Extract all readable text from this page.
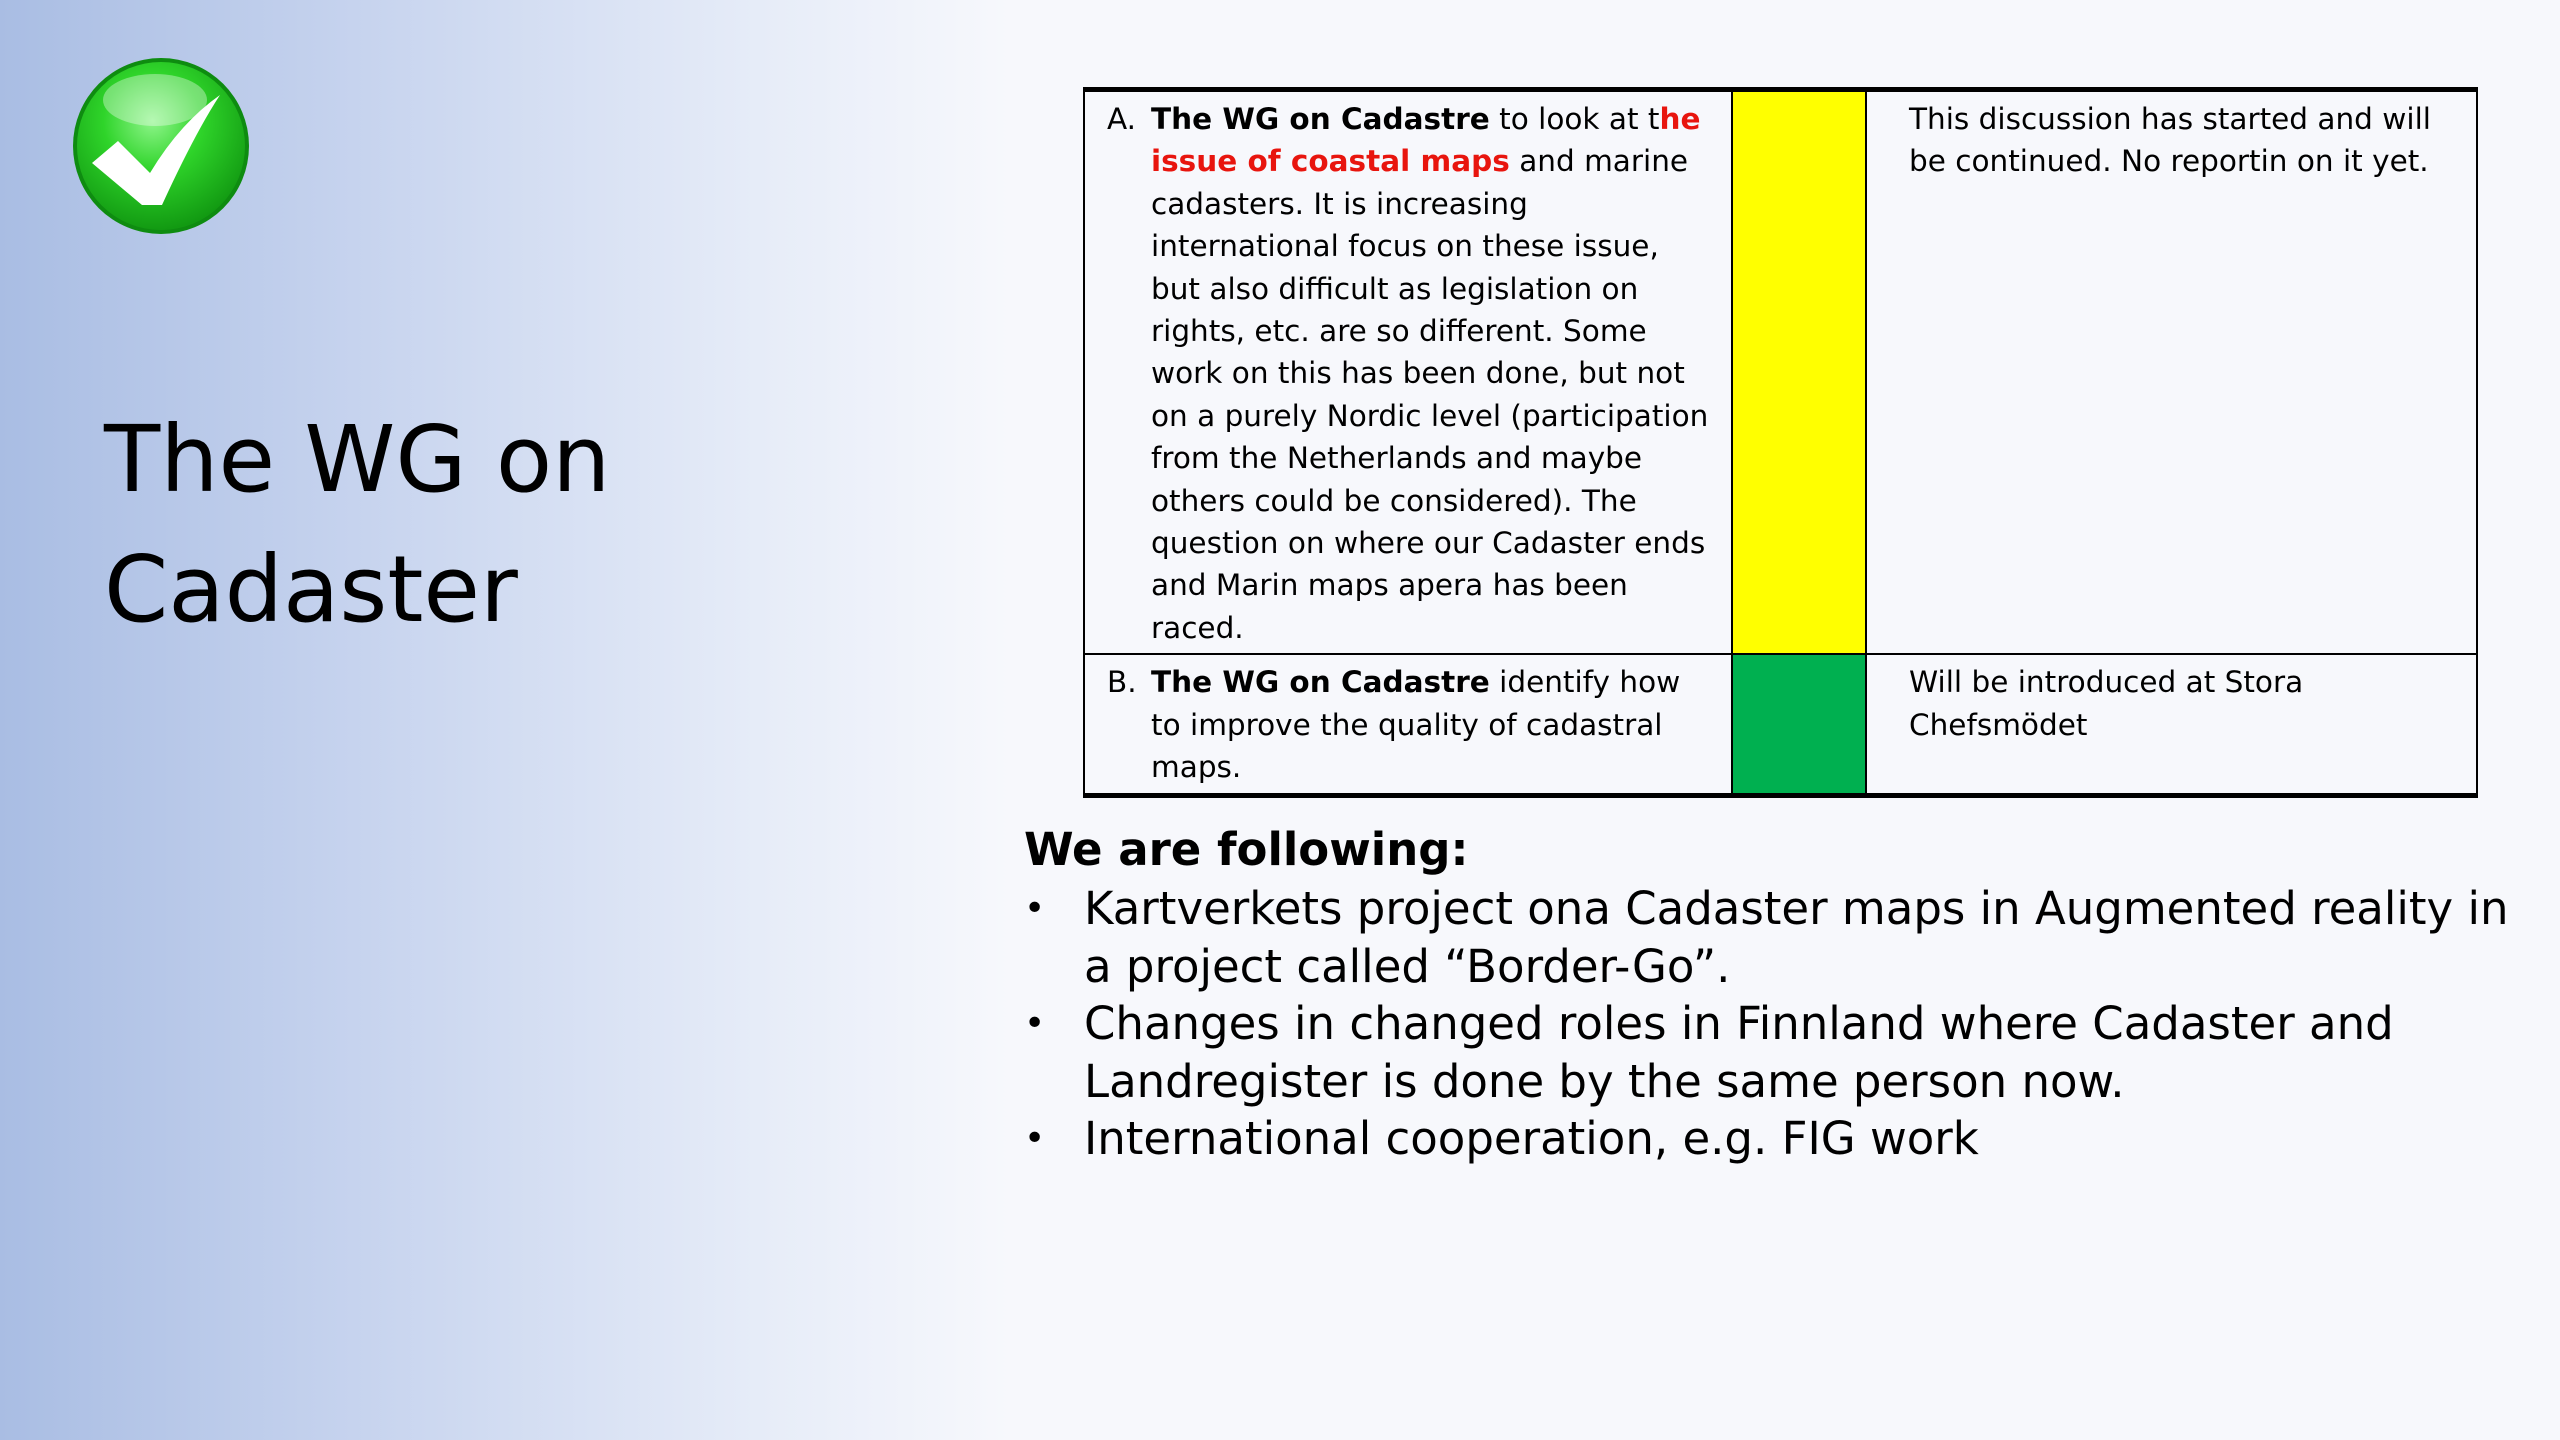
The WG on
Cadaster
A. The WG on Cadastre to look at the issue of coastal maps and marine cadasters. It is increasing international focus on these issue, but also difficult as legislation on rights, etc. are so different. Some work on this has been done, but not on a purely Nordic level (participation from the Netherlands and maybe others could be considered). The question on where our Cadaster ends and Marin maps apera has been raced.		This discussion has started and will be continued. No reportin on it yet.

B. The WG on Cadastre identify how to improve the quality of cadastral maps.		Will be introduced at Stora Chefsmödet
We are following:
• Kartverkets project ona Cadaster maps in Augmented reality in a project called “Border-Go”.
• Changes in changed roles in Finnland where Cadaster and Landregister is done by the same person now.
• International cooperation, e.g. FIG work
